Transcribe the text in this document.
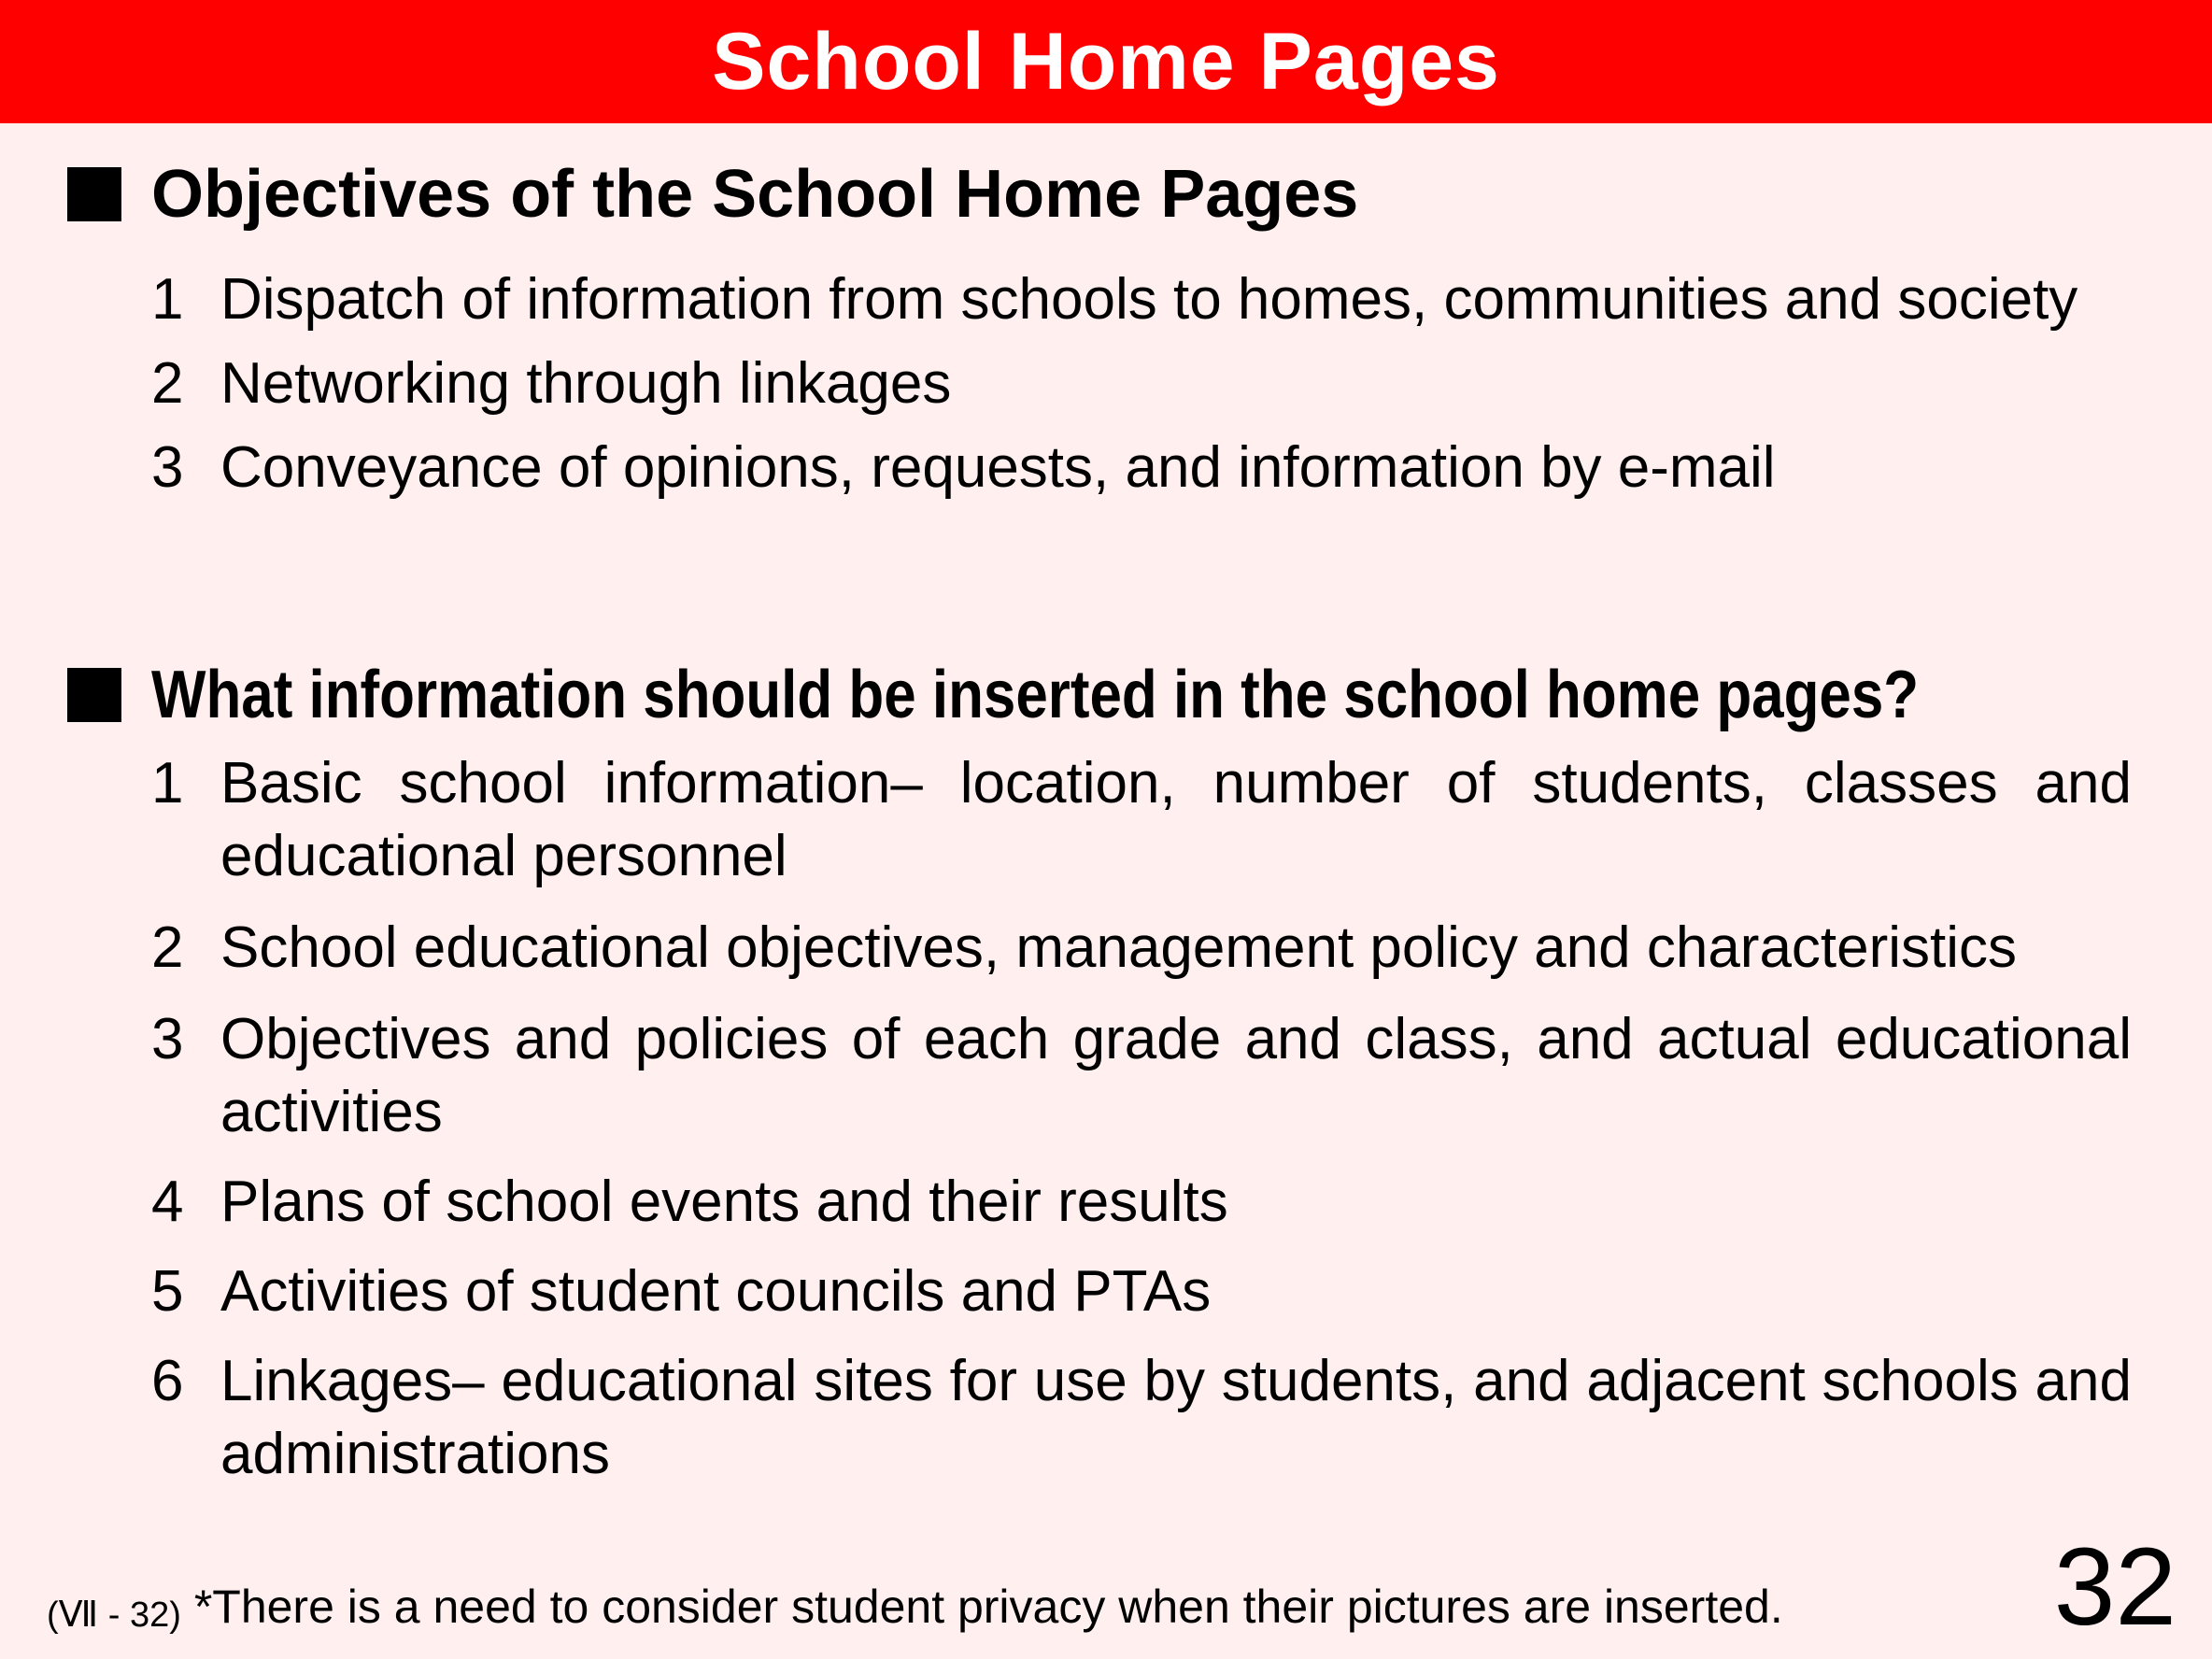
School Home Pages
Objectives of the School Home Pages
1 Dispatch of information from schools to homes, communities and society
2 Networking through linkages
3 Conveyance of opinions, requests, and information by e-mail
What information should be inserted in the school home pages?
1 Basic school information– location, number of students, classes and educational personnel
2 School educational objectives, management policy and characteristics
3 Objectives and policies of each grade and class, and actual educational activities
4 Plans of school events and their results
5 Activities of student councils and PTAs
6 Linkages– educational sites for use by students, and adjacent schools and administrations
(Ⅶ - 32) *There is a need to consider student privacy when their pictures are inserted. 32
